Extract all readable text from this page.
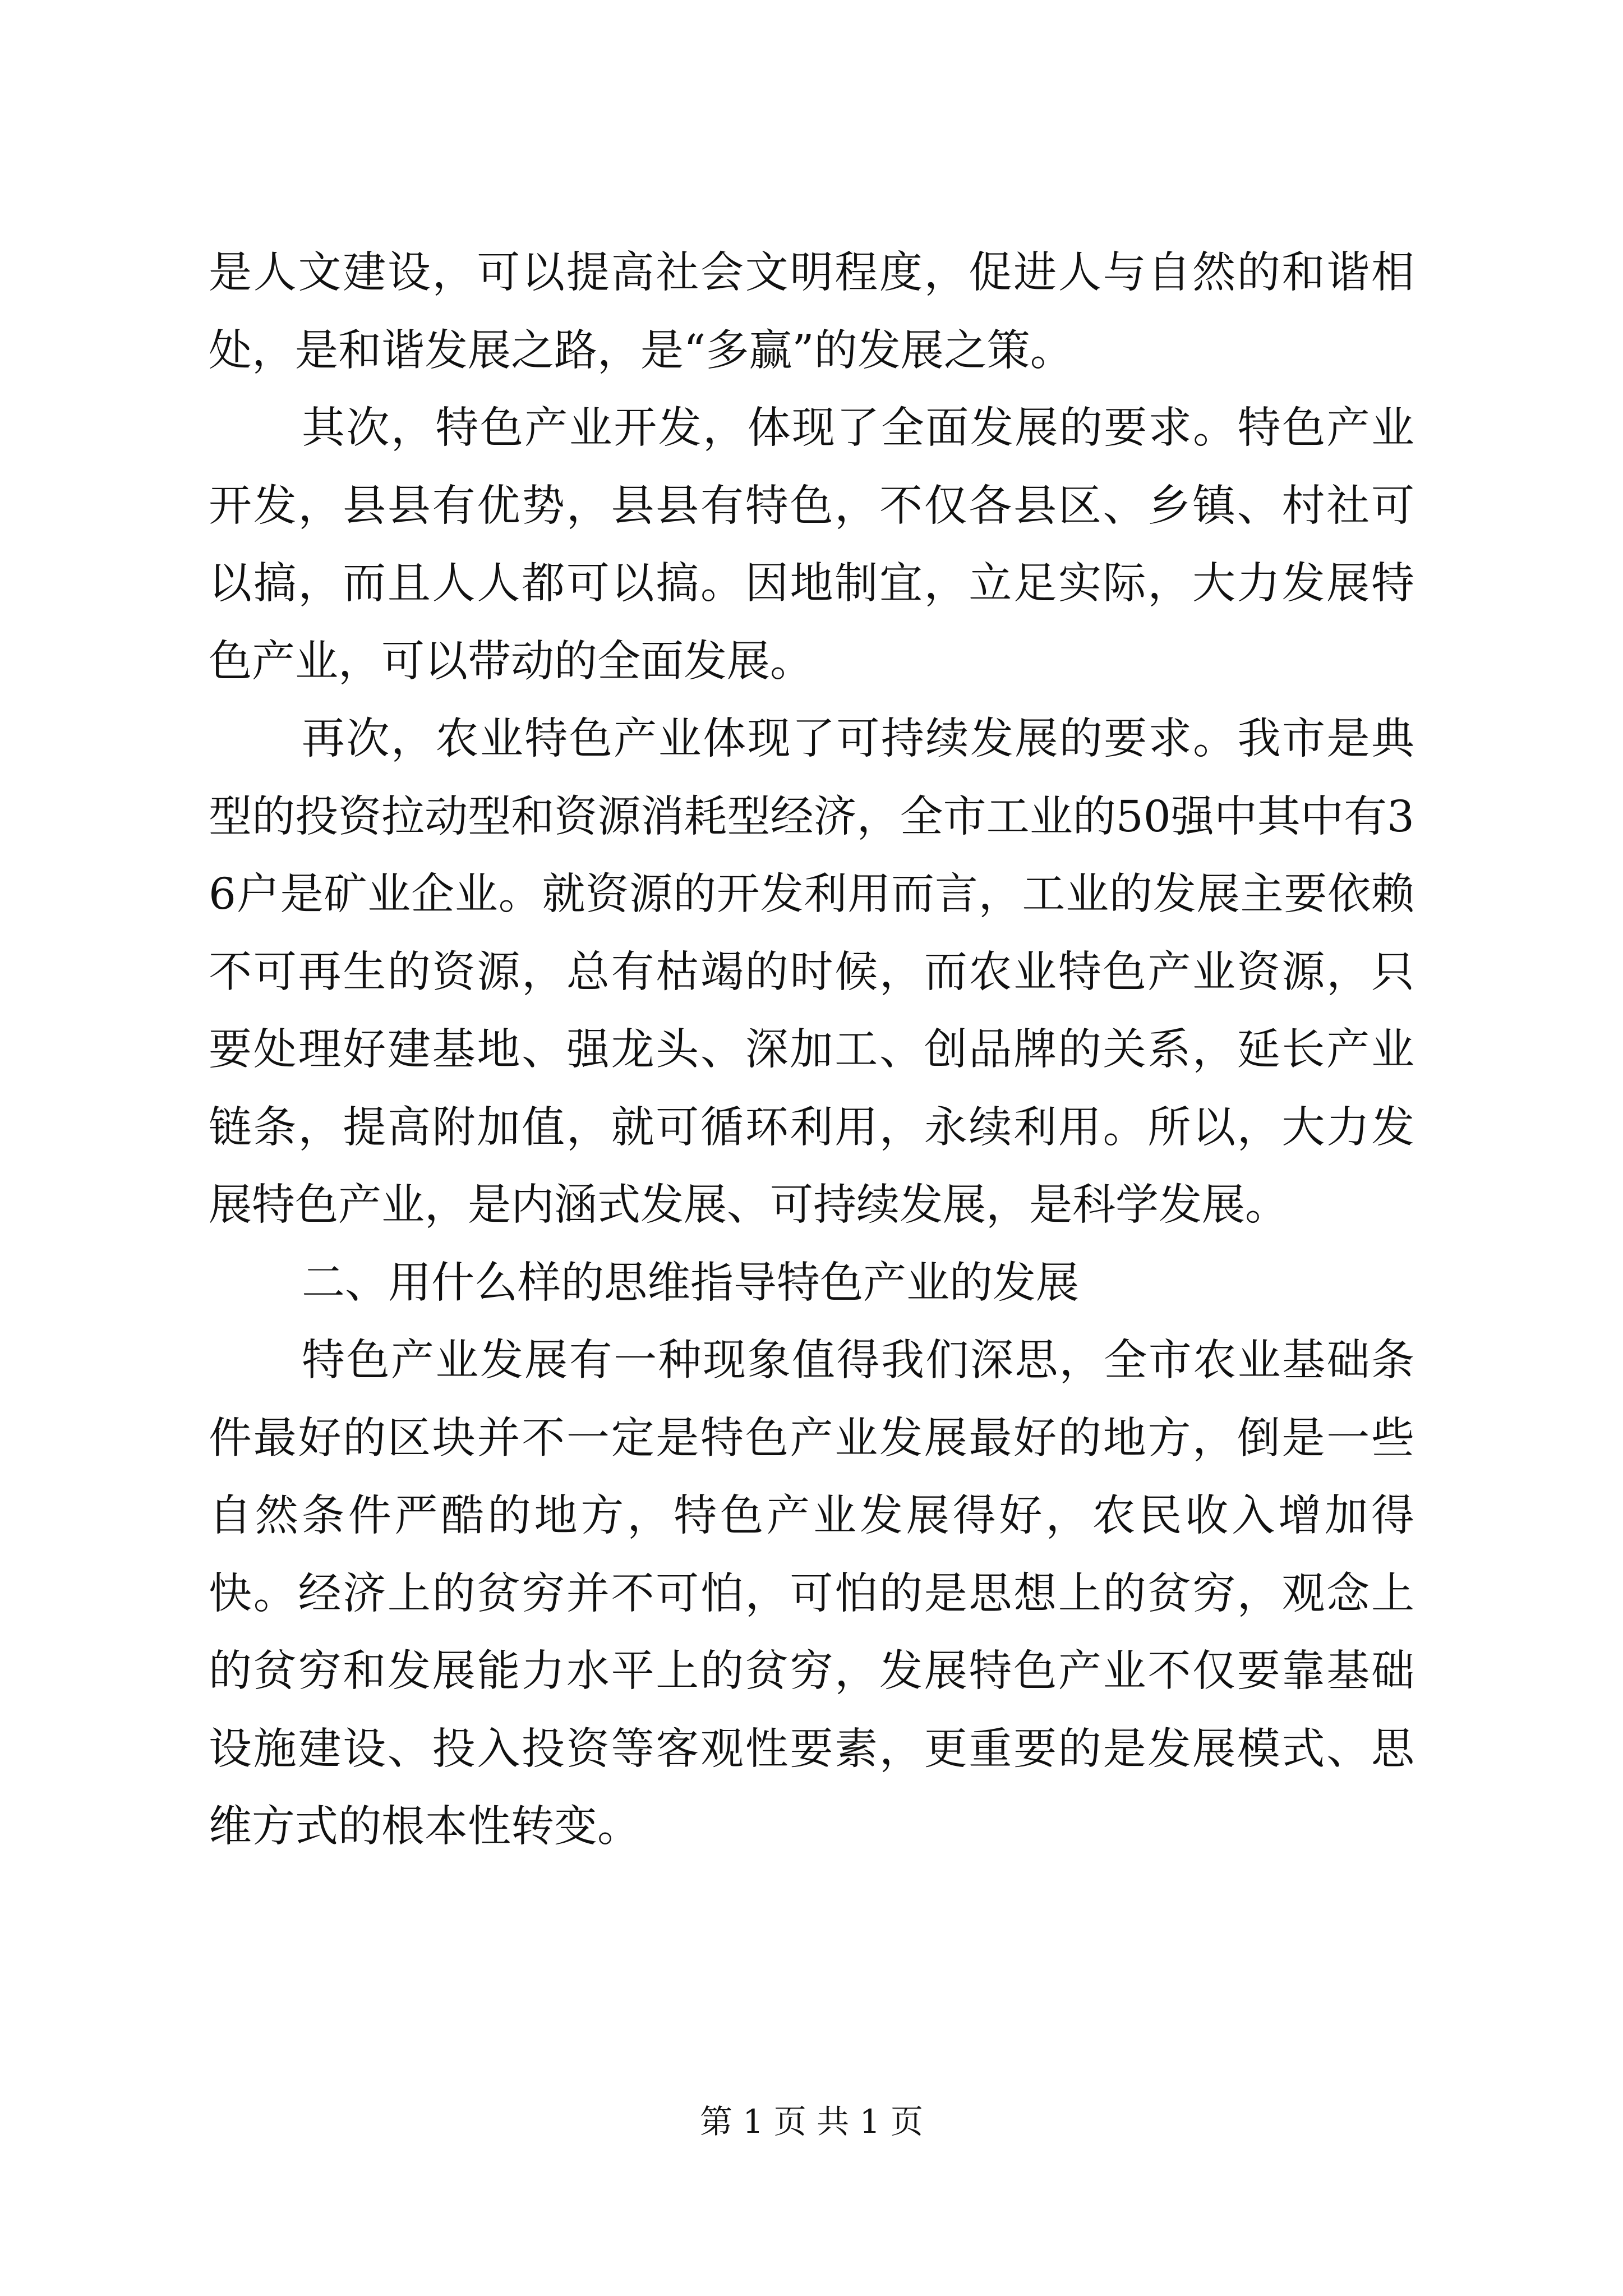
是人文建设，可以提高社会文明程度，促进人与自然的和谐相处，是和谐发展之路，是“多赢”的发展之策。

其次，特色产业开发，体现了全面发展的要求。特色产业开发，县县有优势，县县有特色，不仅各县区、乡镇、村社可以搞，而且人人都可以搞。因地制宜，立足实际，大力发展特色产业，可以带动的全面发展。

再次，农业特色产业体现了可持续发展的要求。我市是典型的投资拉动型和资源消耗型经济，全市工业的50强中其中有36户是矿业企业。就资源的开发利用而言，工业的发展主要依赖不可再生的资源，总有枯竭的时候，而农业特色产业资源，只要处理好建基地、强龙头、深加工、创品牌的关系，延长产业链条，提高附加值，就可循环利用，永续利用。所以，大力发展特色产业，是内涵式发展、可持续发展，是科学发展。

二、用什么样的思维指导特色产业的发展

特色产业发展有一种现象值得我们深思，全市农业基础条件最好的区块并不一定是特色产业发展最好的地方，倒是一些自然条件严酷的地方，特色产业发展得好，农民收入增加得快。经济上的贫穷并不可怕，可怕的是思想上的贫穷，观念上的贫穷和发展能力水平上的贫穷，发展特色产业不仅要靠基础设施建设、投入投资等客观性要素，更重要的是发展模式、思维方式的根本性转变。

第 1 页 共 1 页
